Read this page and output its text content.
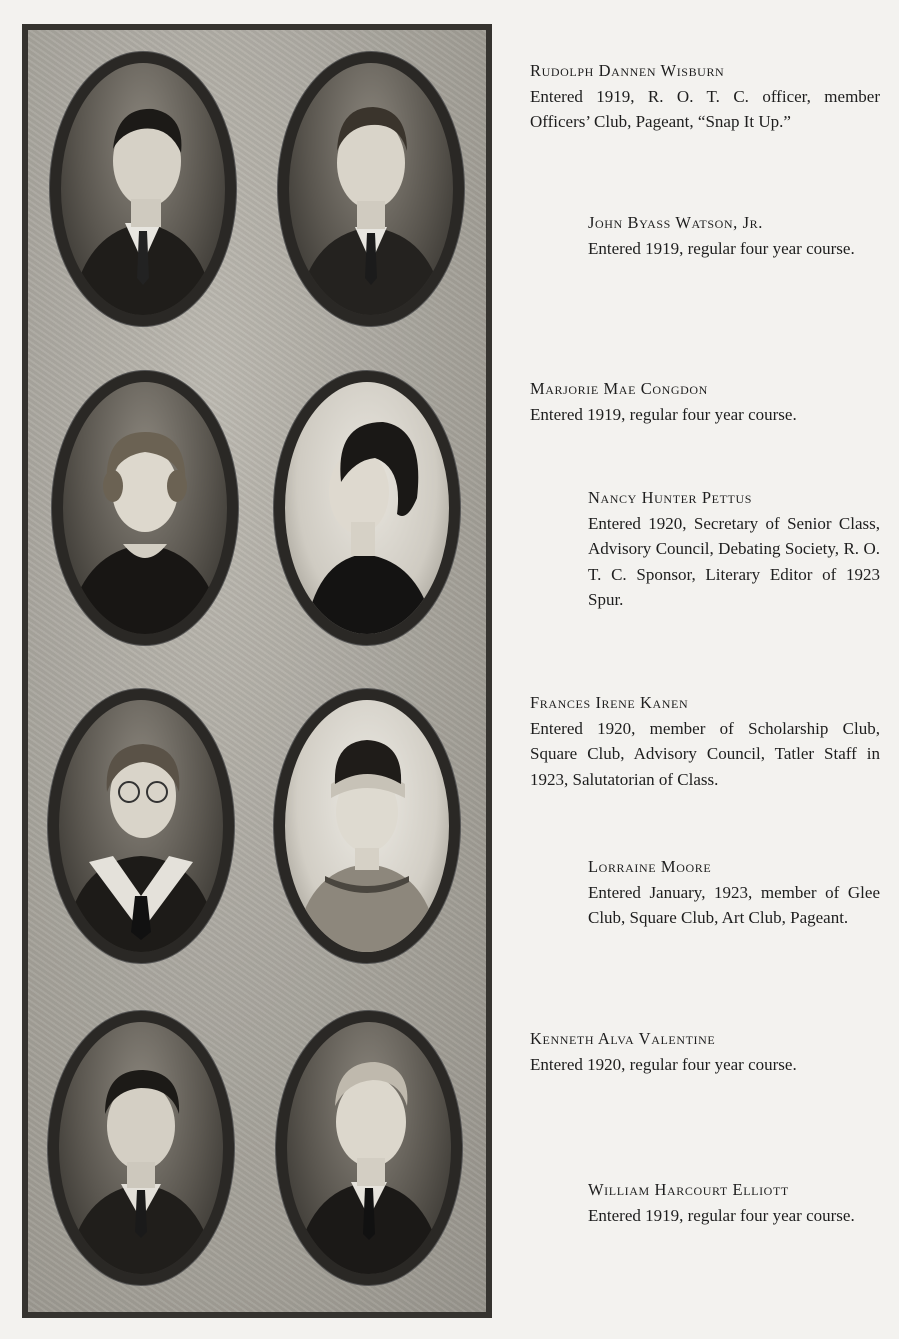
Rudolph Dannen Wisburn
Entered 1919, R. O. T. C. officer, member Officers’ Club, Pageant, “Snap It Up.”
John Byass Watson, Jr.
Entered 1919, regular four year course.
Marjorie Mae Congdon
Entered 1919, regular four year course.
Nancy Hunter Pettus
Entered 1920, Secretary of Senior Class, Advisory Council, Debating Society, R. O. T. C. Sponsor, Literary Editor of 1923 Spur.
Frances Irene Kanen
Entered 1920, member of Scholarship Club, Square Club, Advisory Council, Tatler Staff in 1923, Salutatorian of Class.
Lorraine Moore
Entered January, 1923, member of Glee Club, Square Club, Art Club, Pageant.
Kenneth Alva Valentine
Entered 1920, regular four year course.
William Harcourt Elliott
Entered 1919, regular four year course.
